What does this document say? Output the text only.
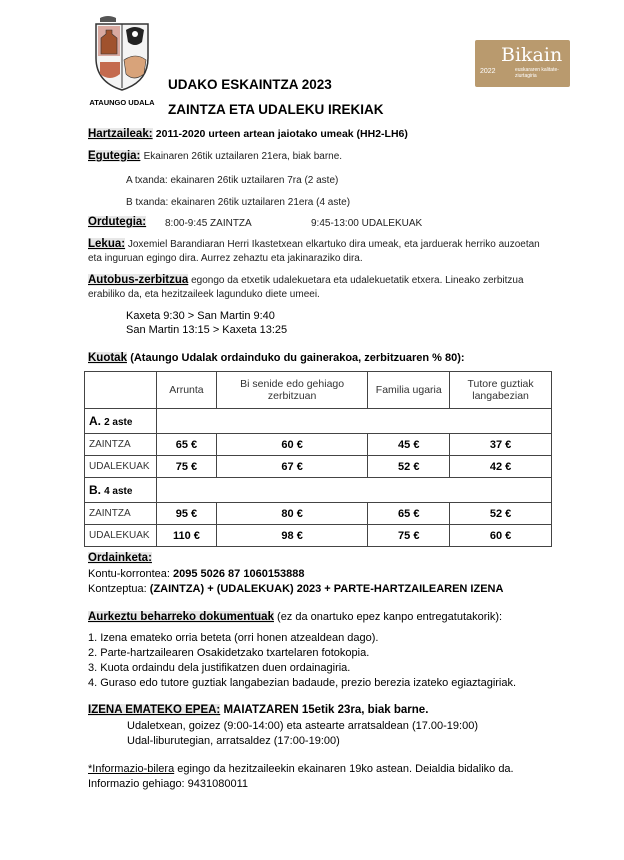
ATAUNGO UDALA
UDAKO ESKAINTZA 2023
ZAINTZA ETA UDALEKU IREKIAK
2022
Bikain
euskararen kalitate-ziurtagiria
Hartzaileak: 2011-2020 urteen artean jaiotako umeak (HH2-LH6)
Egutegia: Ekainaren 26tik uztailaren 21era, biak barne.
A txanda: ekainaren 26tik uztailaren 7ra (2 aste)
B txanda: ekainaren 26tik uztailaren 21era (4 aste)
Ordutegia: 8:00-9:45 ZAINTZA	9:45-13:00 UDALEKUAK
Lekua: Joxemiel Barandiaran Herri Ikastetxean elkartuko dira umeak, eta jarduerak herriko auzoetan
eta inguruan egingo dira. Aurrez zehaztu eta jakinaraziko dira.
Autobus-zerbitzua egongo da etxetik udalekuetara eta udalekuetatik etxera. Lineako zerbitzua
erabiliko da, eta hezitzaileek lagunduko diete umeei.
Kaxeta 9:30 > San Martin 9:40
San Martin 13:15 > Kaxeta 13:25
Kuotak (Ataungo Udalak ordainduko du gainerakoa, zerbitzuaren % 80):
	Arrunta	Bi senide edo gehiago zerbitzuan	Familia ugaria	Tutore guztiak langabezian
A. 2 aste				
ZAINTZA	65 €	60 €	45 €	37 €
UDALEKUAK	75 €	67 €	52 €	42 €
B. 4 aste				
ZAINTZA	95 €	80 €	65 €	52 €
UDALEKUAK	110 €	98 €	75 €	60 €
Ordainketa:
Kontu-korrontea: 2095 5026 87 1060153888
Kontzeptua: (ZAINTZA) + (UDALEKUAK) 2023 + PARTE-HARTZAILEAREN IZENA
Aurkeztu beharreko dokumentuak (ez da onartuko epez kanpo entregatutakorik):
1. Izena emateko orria beteta (orri honen atzealdean dago).
2. Parte-hartzailearen Osakidetzako txartelaren fotokopia.
3. Kuota ordaindu dela justifikatzen duen ordainagiria.
4. Guraso edo tutore guztiak langabezian badaude, prezio berezia izateko egiaztagiriak.
IZENA EMATEKO EPEA: MAIATZAREN 15etik 23ra, biak barne.
Udaletxean, goizez (9:00-14:00) eta astearte arratsaldean (17.00-19:00)
Udal-liburutegian, arratsaldez (17:00-19:00)
*Informazio-bilera egingo da hezitzaileekin ekainaren 19ko astean. Deialdia bidaliko da.
Informazio gehiago: 9431080011
